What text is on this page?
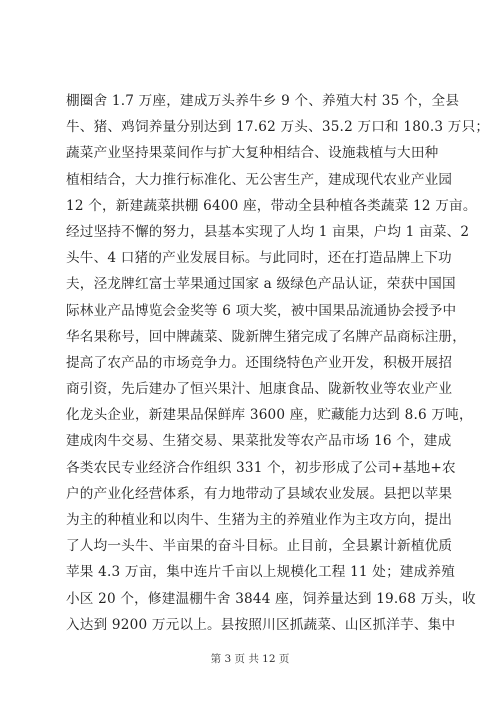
棚圈舍 1.7 万座，建成万头养牛乡 9 个、养殖大村 35 个，全县
牛、猪、鸡饲养量分别达到 17.62 万头、35.2 万口和 180.3 万只；
蔬菜产业坚持果菜间作与扩大复种相结合、设施栽植与大田种
植相结合，大力推行标准化、无公害生产，建成现代农业产业园
12 个，新建蔬菜拱棚 6400 座，带动全县种植各类蔬菜 12 万亩。
经过坚持不懈的努力，县基本实现了人均 1 亩果，户均 1 亩菜、2
头牛、4 口猪的产业发展目标。与此同时，还在打造品牌上下功
夫，泾龙牌红富士苹果通过国家 a 级绿色产品认证，荣获中国国
际林业产品博览会金奖等 6 项大奖，被中国果品流通协会授予中
华名果称号，回中牌蔬菜、陇新牌生猪完成了名牌产品商标注册，
提高了农产品的市场竞争力。还围绕特色产业开发，积极开展招
商引资，先后建办了恒兴果汁、旭康食品、陇新牧业等农业产业
化龙头企业，新建果品保鲜库 3600 座，贮藏能力达到 8.6 万吨，
建成肉牛交易、生猪交易、果菜批发等农产品市场 16 个，建成
各类农民专业经济合作组织 331 个，初步形成了公司+基地+农
户的产业化经营体系，有力地带动了县域农业发展。县把以苹果
为主的种植业和以肉牛、生猪为主的养殖业作为主攻方向，提出
了人均一头牛、半亩果的奋斗目标。止目前，全县累计新植优质
苹果 4.3 万亩，集中连片千亩以上规模化工程 11 处；建成养殖
小区 20 个，修建温棚牛舍 3844 座，饲养量达到 19.68 万头，收
入达到 9200 万元以上。县按照川区抓蔬菜、山区抓洋芋、集中
第 3 页 共 12 页
